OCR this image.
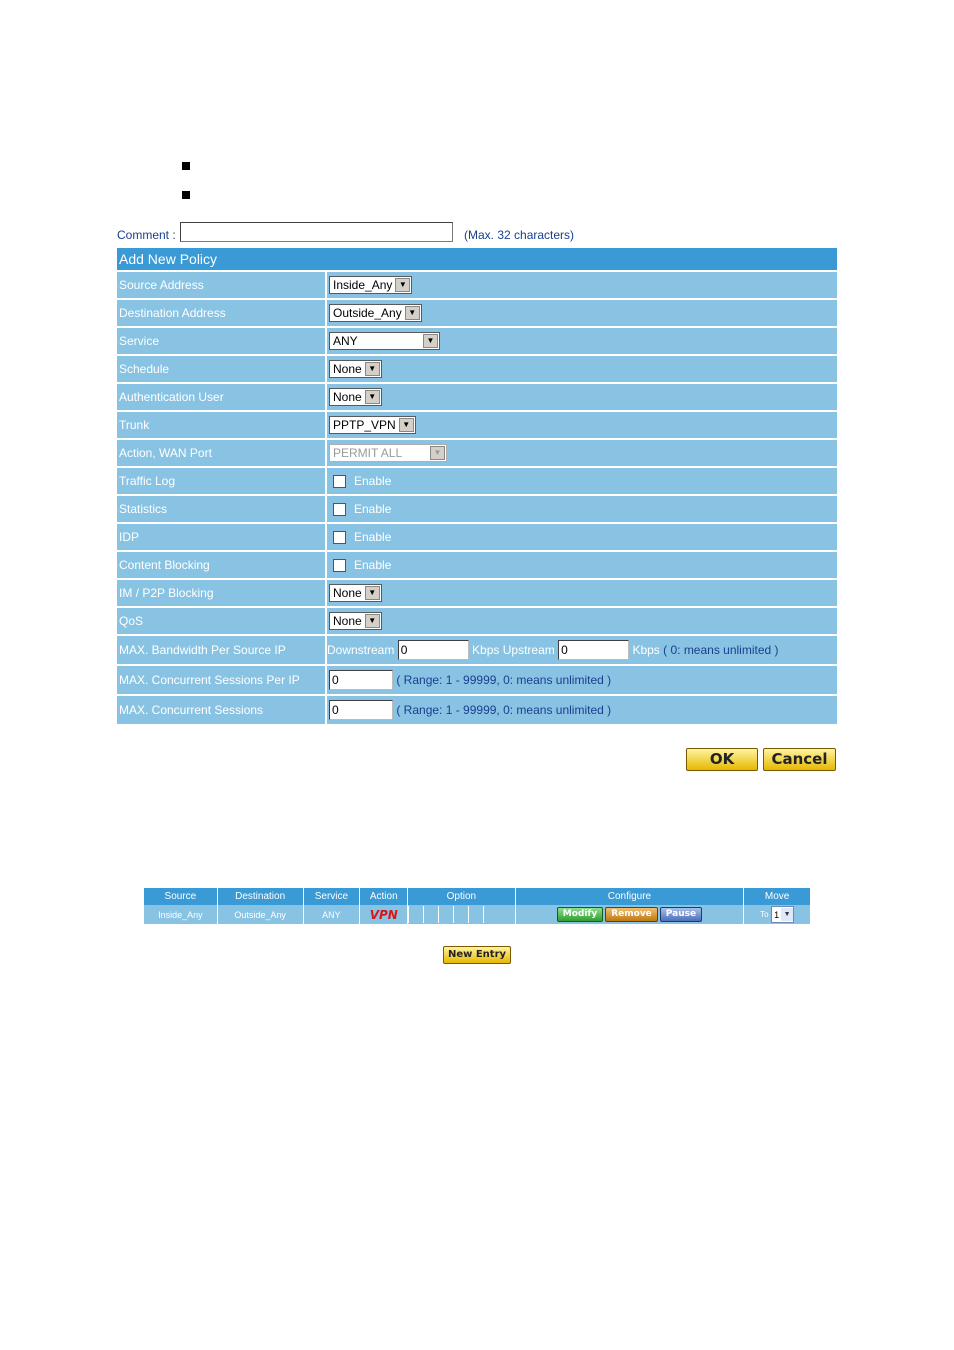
Comment :	(Max. 32 characters)
Add New Policy	
Source Address	Inside_Any ▼

Destination Address	Outside_Any ▼

Service	ANY ▼

Schedule	None ▼

Authentication User	None ▼

Trunk	PPTP_VPN ▼

Action, WAN Port	PERMIT ALL ▼

Traffic Log	Enable
Statistics	Enable
IDP	Enable
Content Blocking	Enable
IM / P2P Blocking	None ▼

QoS	None ▼

MAX. Bandwidth Per Source IP	Downstream 0 Kbps Upstream 0 Kbps ( 0: means unlimited )
MAX. Concurrent Sessions Per IP	0 ( Range: 1 - 99999, 0: means unlimited )
MAX. Concurrent Sessions	0 ( Range: 1 - 99999, 0: means unlimited )
OK	Cancel
Source	Destination	Service	Action	Option	Configure	Move
Inside_Any	Outside_Any	ANY	VPN		Modify Remove Pause	To 1 ▼
New Entry
